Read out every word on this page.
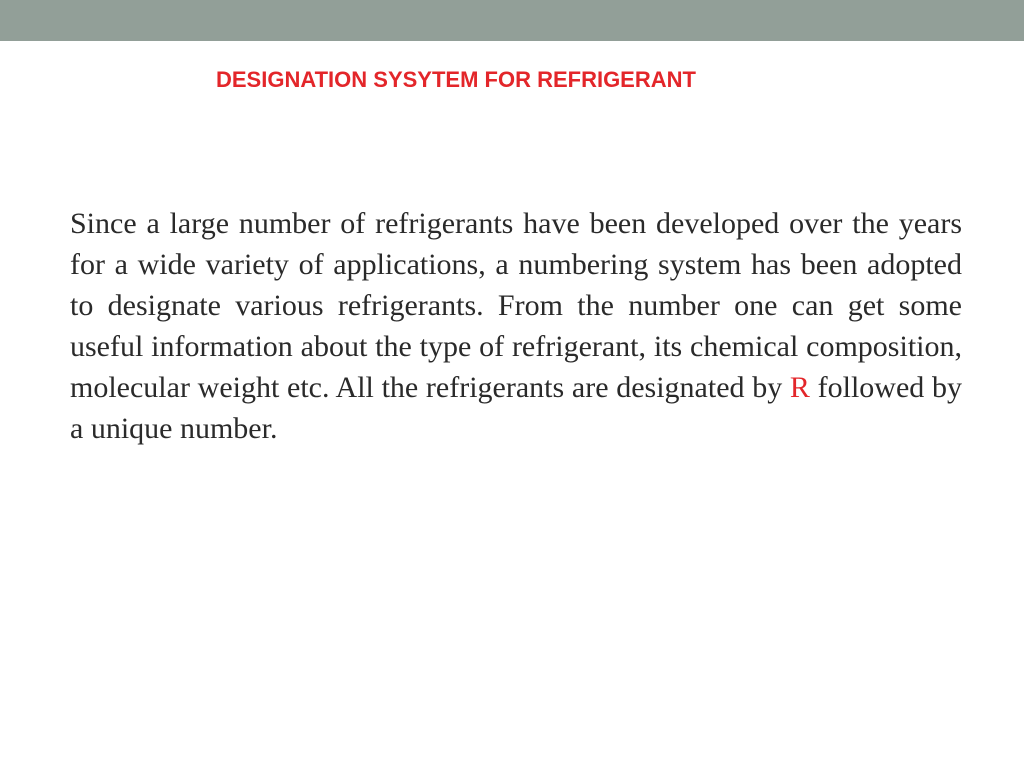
DESIGNATION SYSYTEM FOR REFRIGERANT

Since a large number of refrigerants have been developed over the years for a wide variety of applications, a numbering system has been adopted to designate various refrigerants. From the number one can get some useful information about the type of refrigerant, its chemical composition, molecular weight etc. All the refrigerants are designated by R followed by a unique number.
